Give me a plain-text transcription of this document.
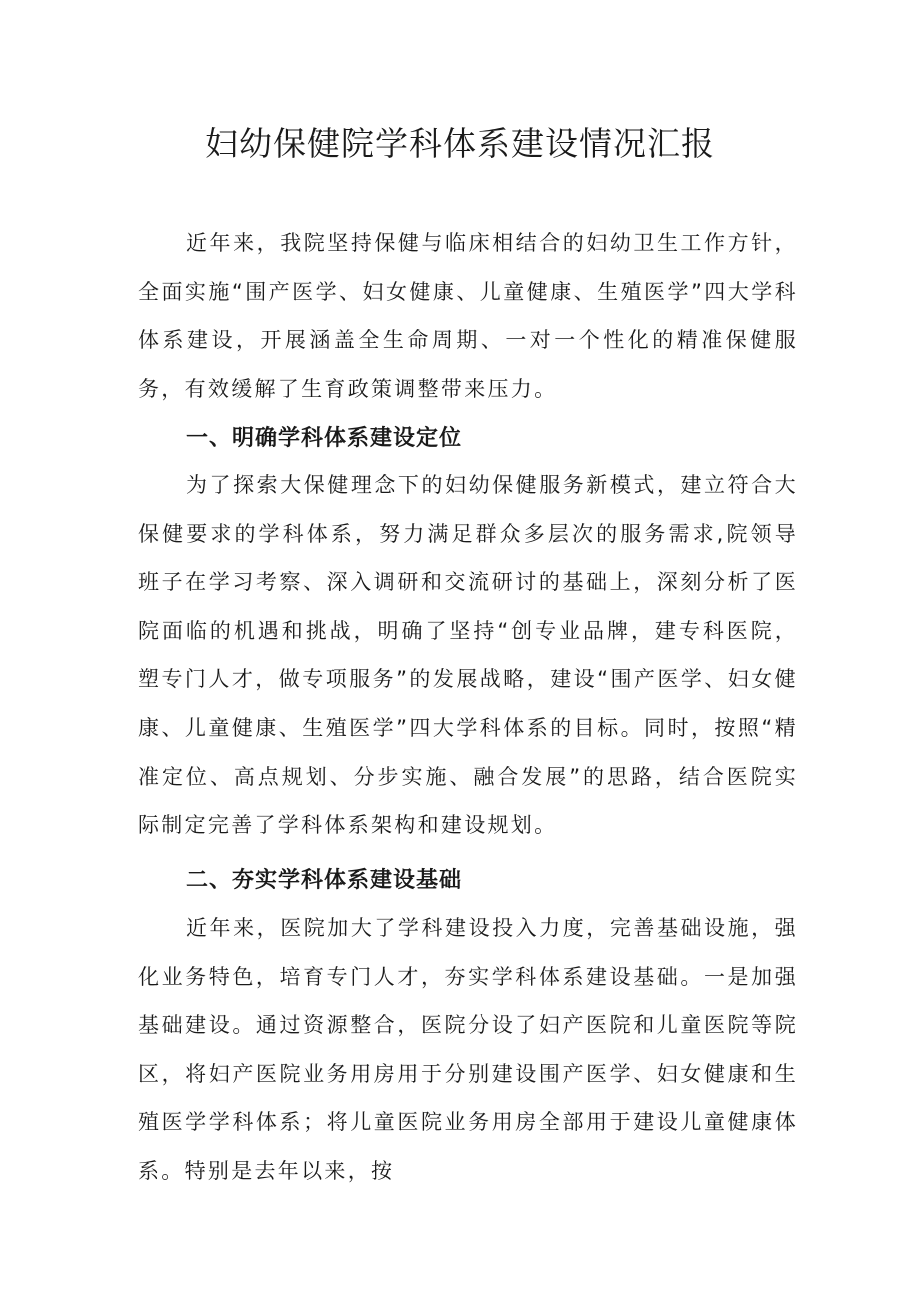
妇幼保健院学科体系建设情况汇报

近年来，我院坚持保健与临床相结合的妇幼卫生工作方针，全面实施“围产医学、妇女健康、儿童健康、生殖医学”四大学科体系建设，开展涵盖全生命周期、一对一个性化的精准保健服务，有效缓解了生育政策调整带来压力。

一、明确学科体系建设定位

为了探索大保健理念下的妇幼保健服务新模式，建立符合大保健要求的学科体系，努力满足群众多层次的服务需求,院领导班子在学习考察、深入调研和交流研讨的基础上，深刻分析了医院面临的机遇和挑战，明确了坚持“创专业品牌，建专科医院，塑专门人才，做专项服务”的发展战略，建设“围产医学、妇女健康、儿童健康、生殖医学”四大学科体系的目标。同时，按照“精准定位、高点规划、分步实施、融合发展”的思路，结合医院实际制定完善了学科体系架构和建设规划。

二、夯实学科体系建设基础

近年来，医院加大了学科建设投入力度，完善基础设施，强化业务特色，培育专门人才，夯实学科体系建设基础。一是加强基础建设。通过资源整合，医院分设了妇产医院和儿童医院等院区，将妇产医院业务用房用于分别建设围产医学、妇女健康和生殖医学学科体系；将儿童医院业务用房全部用于建设儿童健康体系。特别是去年以来，按
